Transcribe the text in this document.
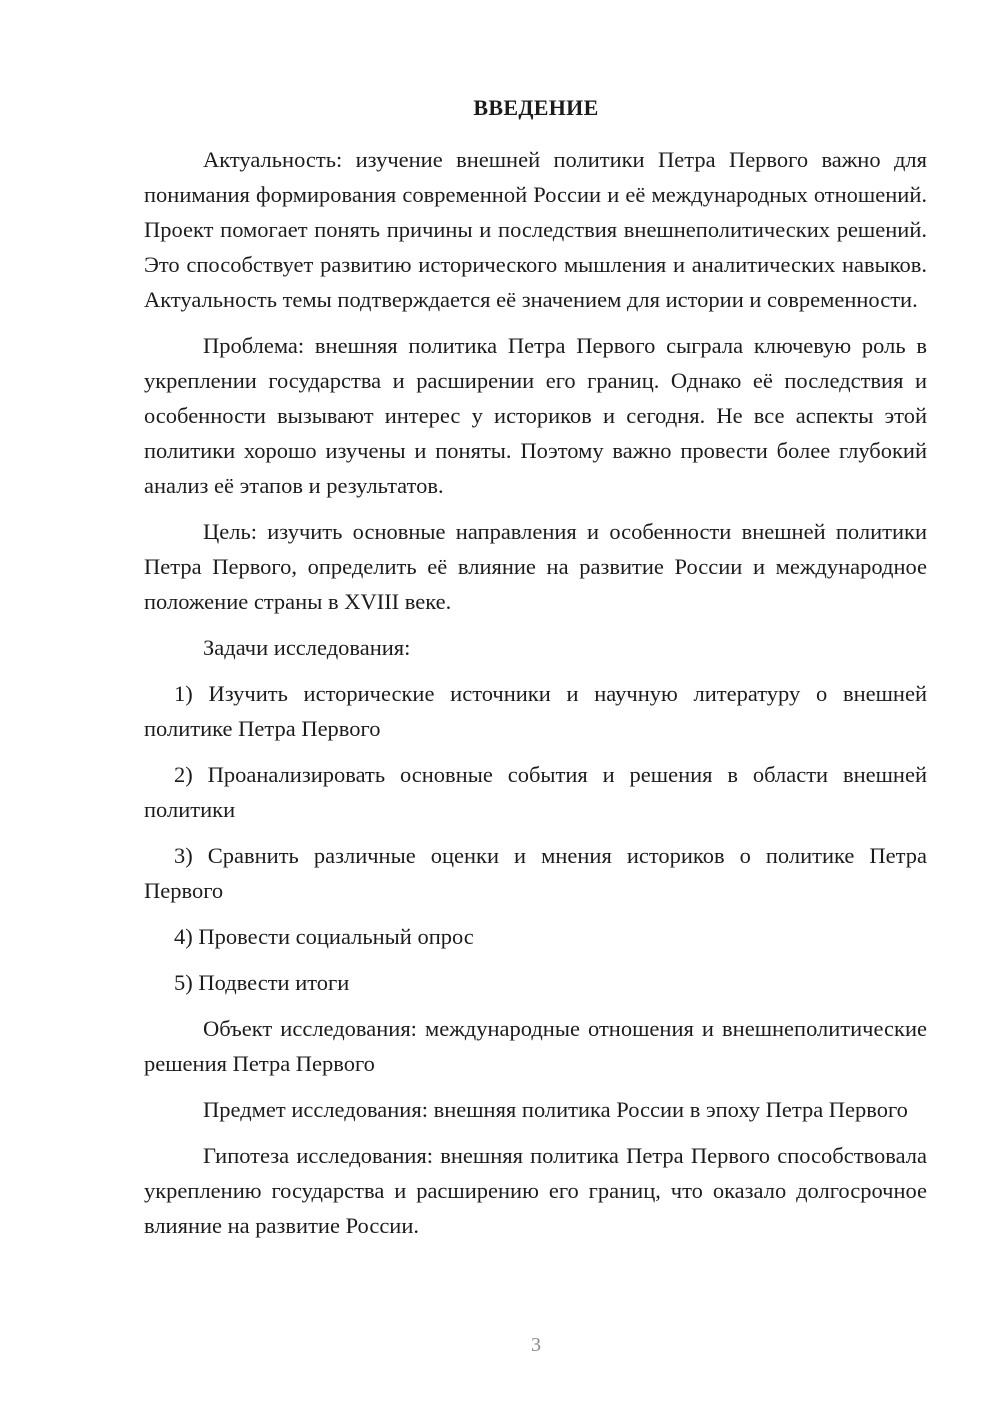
ВВЕДЕНИЕ

Актуальность: изучение внешней политики Петра Первого важно для понимания формирования современной России и её международных отношений. Проект помогает понять причины и последствия внешнеполитических решений. Это способствует развитию исторического мышления и аналитических навыков. Актуальность темы подтверждается её значением для истории и современности.

Проблема: внешняя политика Петра Первого сыграла ключевую роль в укреплении государства и расширении его границ. Однако её последствия и особенности вызывают интерес у историков и сегодня. Не все аспекты этой политики хорошо изучены и поняты. Поэтому важно провести более глубокий анализ её этапов и результатов.

Цель: изучить основные направления и особенности внешней политики Петра Первого, определить её влияние на развитие России и международное положение страны в XVIII веке.

Задачи исследования:

1) Изучить исторические источники и научную литературу о внешней политике Петра Первого

2) Проанализировать основные события и решения в области внешней политики

3) Сравнить различные оценки и мнения историков о политике Петра Первого

4) Провести социальный опрос

5) Подвести итоги

Объект исследования: международные отношения и внешнеполитические решения Петра Первого

Предмет исследования: внешняя политика России в эпоху Петра Первого

Гипотеза исследования: внешняя политика Петра Первого способствовала укреплению государства и расширению его границ, что оказало долгосрочное влияние на развитие России.

3
